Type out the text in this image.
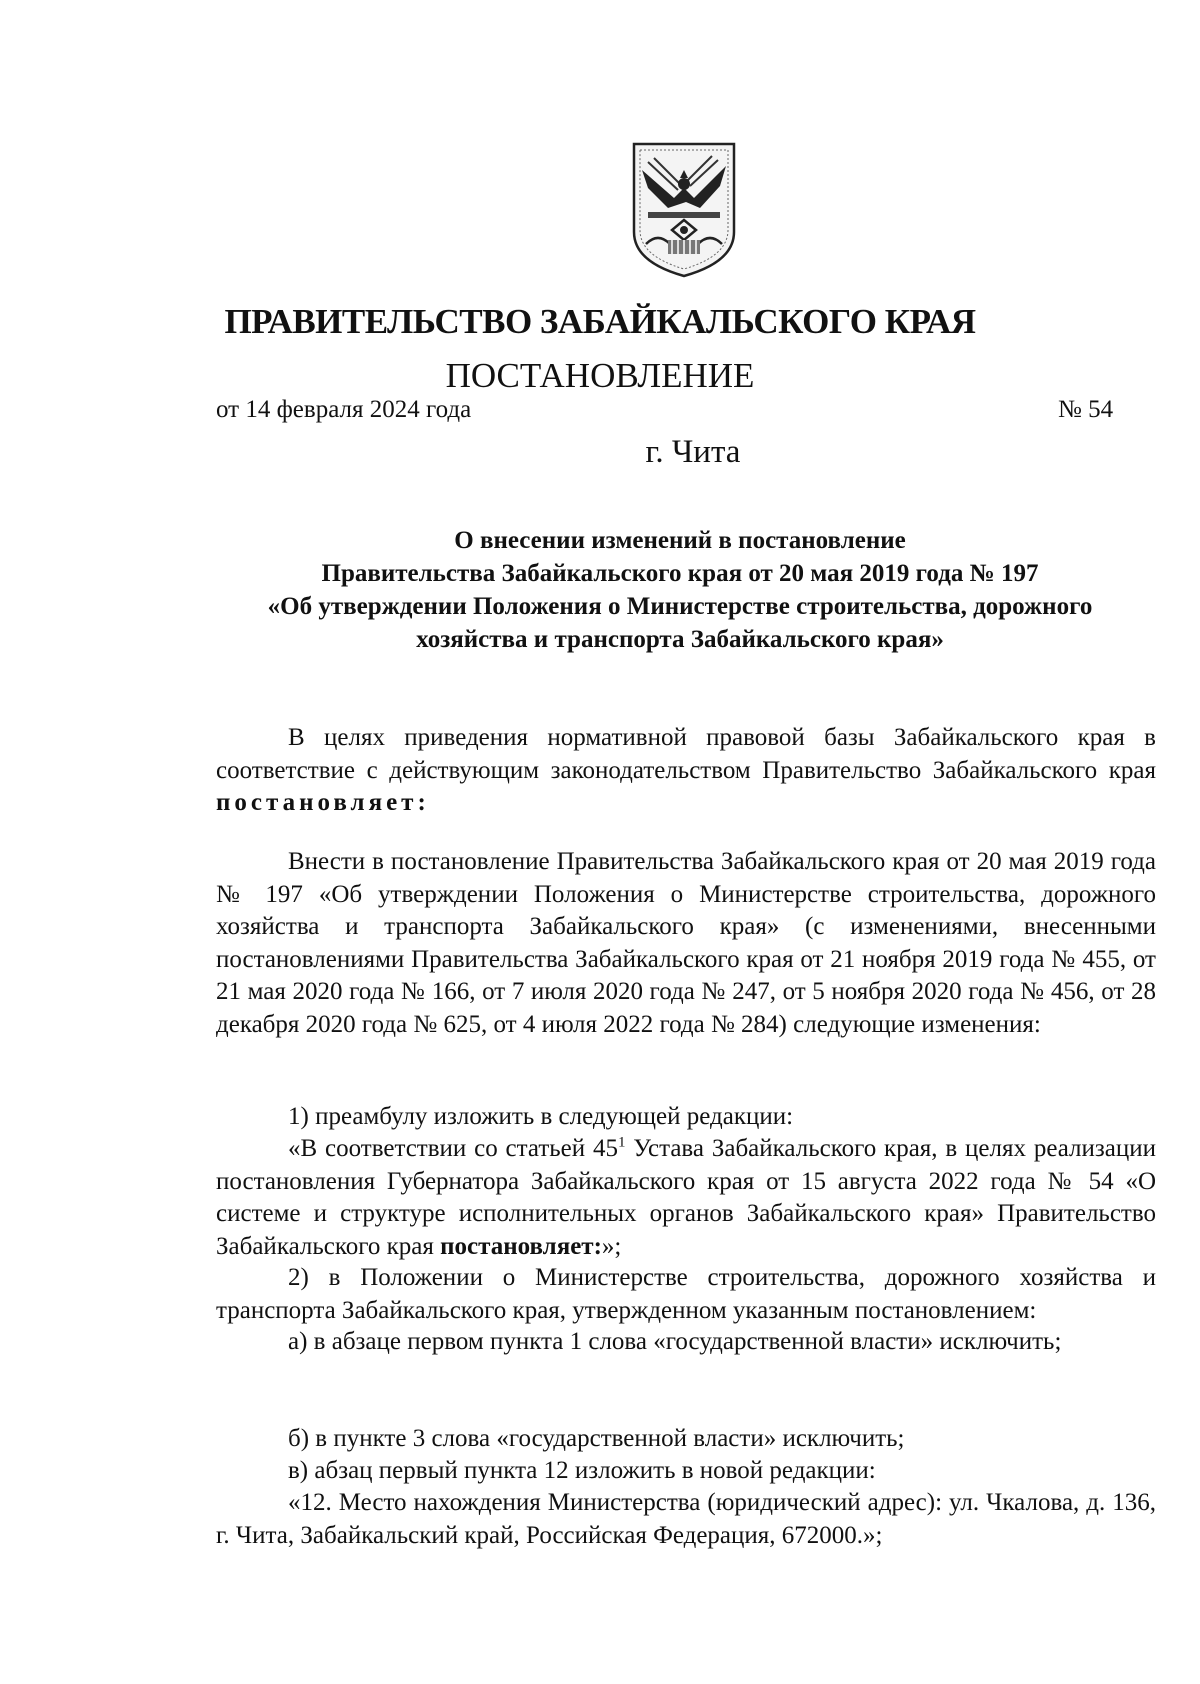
ПРАВИТЕЛЬСТВО ЗАБАЙКАЛЬСКОГО КРАЯ
ПОСТАНОВЛЕНИЕ
от 14 февраля 2024 года	№ 54
г. Чита
О внесении изменений в постановление
Правительства Забайкальского края от 20 мая 2019 года № 197
«Об утверждении Положения о Министерстве строительства, дорожного
хозяйства и транспорта Забайкальского края»

В целях приведения нормативной правовой базы Забайкальского края в соответствие с действующим законодательством Правительство Забайкальского края постановляет:

Внести в постановление Правительства Забайкальского края от 20 мая 2019 года № 197 «Об утверждении Положения о Министерстве строительства, дорожного хозяйства и транспорта Забайкальского края» (с изменениями, внесенными постановлениями Правительства Забайкальского края от 21 ноября 2019 года № 455, от 21 мая 2020 года № 166, от 7 июля 2020 года № 247, от 5 ноября 2020 года № 456, от 28 декабря 2020 года № 625, от 4 июля 2022 года № 284) следующие изменения:

1) преамбулу изложить в следующей редакции:

«В соответствии со статьей $45^1$ Устава Забайкальского края, в целях реализации постановления Губернатора Забайкальского края от 15 августа 2022 года № 54 «О системе и структуре исполнительных органов Забайкальского края» Правительство Забайкальского края постановляет:»;

2) в Положении о Министерстве строительства, дорожного хозяйства и транспорта Забайкальского края, утвержденном указанным постановлением:

а) в абзаце первом пункта 1 слова «государственной власти» исключить;

б) в пункте 3 слова «государственной власти» исключить;

в) абзац первый пункта 12 изложить в новой редакции:

«12. Место нахождения Министерства (юридический адрес): ул. Чкалова, д. 136, г. Чита, Забайкальский край, Российская Федерация, 672000.»;
